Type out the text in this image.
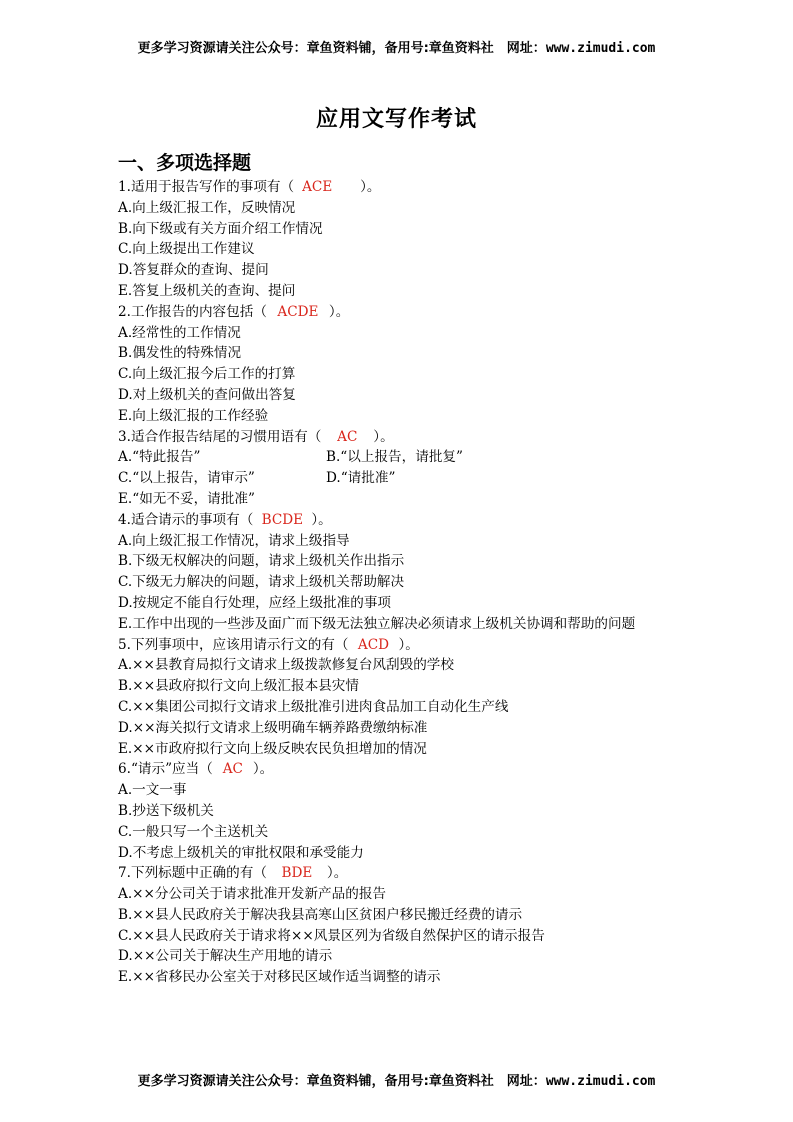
更多学习资源请关注公众号：章鱼资料铺，备用号:章鱼资料社　网址：www.zimudi.com
应用文写作考试
一、多项选择题
1.适用于报告写作的事项有（ ACE ）。
A.向上级汇报工作，反映情况
B.向下级或有关方面介绍工作情况
C.向上级提出工作建议
D.答复群众的查询、提问
E.答复上级机关的查询、提问
2.工作报告的内容包括（ ACDE ）。
A.经常性的工作情况
B.偶发性的特殊情况
C.向上级汇报今后工作的打算
D.对上级机关的查问做出答复
E.向上级汇报的工作经验
3.适合作报告结尾的习惯用语有（ AC ）。
A.“特此报告”	B.“以上报告，请批复”
C.“以上报告，请审示”	D.“请批准”
E.“如无不妥，请批准”
4.适合请示的事项有（ BCDE ）。
A.向上级汇报工作情况，请求上级指导
B.下级无权解决的问题，请求上级机关作出指示
C.下级无力解决的问题，请求上级机关帮助解决
D.按规定不能自行处理，应经上级批准的事项
E.工作中出现的一些涉及面广而下级无法独立解决必须请求上级机关协调和帮助的问题
5.下列事项中，应该用请示行文的有（ ACD ）。
A.××县教育局拟行文请求上级拨款修复台风刮毁的学校
B.××县政府拟行文向上级汇报本县灾情
C.××集团公司拟行文请求上级批准引进肉食品加工自动化生产线
D.××海关拟行文请求上级明确车辆养路费缴纳标准
E.××市政府拟行文向上级反映农民负担增加的情况
6.“请示”应当（ AC ）。
A.一文一事
B.抄送下级机关
C.一般只写一个主送机关
D.不考虑上级机关的审批权限和承受能力
7.下列标题中正确的有（ BDE ）。
A.××分公司关于请求批准开发新产品的报告
B.××县人民政府关于解决我县高寒山区贫困户移民搬迁经费的请示
C.××县人民政府关于请求将××风景区列为省级自然保护区的请示报告
D.××公司关于解决生产用地的请示
E.××省移民办公室关于对移民区域作适当调整的请示
更多学习资源请关注公众号：章鱼资料铺，备用号:章鱼资料社　网址：www.zimudi.com
